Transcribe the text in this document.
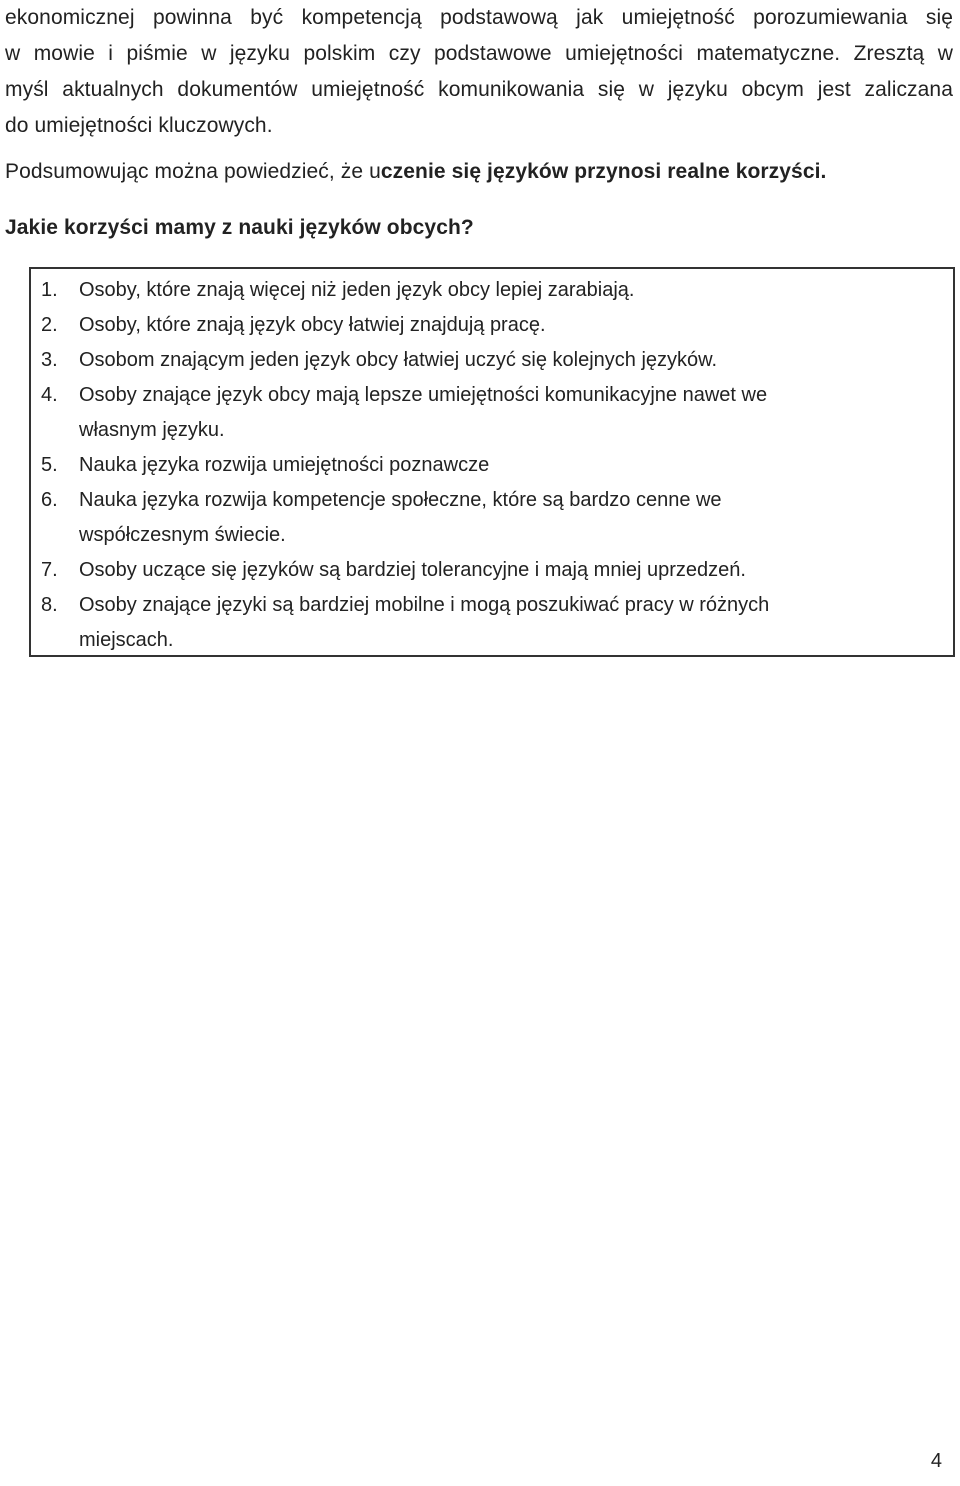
ekonomicznej powinna być kompetencją podstawową jak umiejętność porozumiewania się
w mowie i piśmie w języku polskim czy podstawowe umiejętności matematyczne. Zresztą w
myśl aktualnych dokumentów umiejętność komunikowania się w języku obcym jest zaliczana
do umiejętności kluczowych.
Podsumowując można powiedzieć, że uczenie się języków przynosi realne korzyści.
Jakie korzyści mamy z nauki języków obcych?
1.	Osoby, które znają więcej niż jeden język obcy lepiej zarabiają.
2.	Osoby, które znają język obcy łatwiej znajdują pracę.
3.	Osobom znającym jeden język obcy łatwiej uczyć się kolejnych języków.
4.	Osoby znające język obcy mają lepsze umiejętności komunikacyjne nawet we
własnym języku.
5.	Nauka języka rozwija umiejętności poznawcze
6.	Nauka języka rozwija kompetencje społeczne, które są bardzo cenne we
współczesnym świecie.
7.	Osoby uczące się języków są bardziej tolerancyjne i mają mniej uprzedzeń.
8.	Osoby znające języki są bardziej mobilne i mogą poszukiwać pracy w różnych
miejscach.
4
